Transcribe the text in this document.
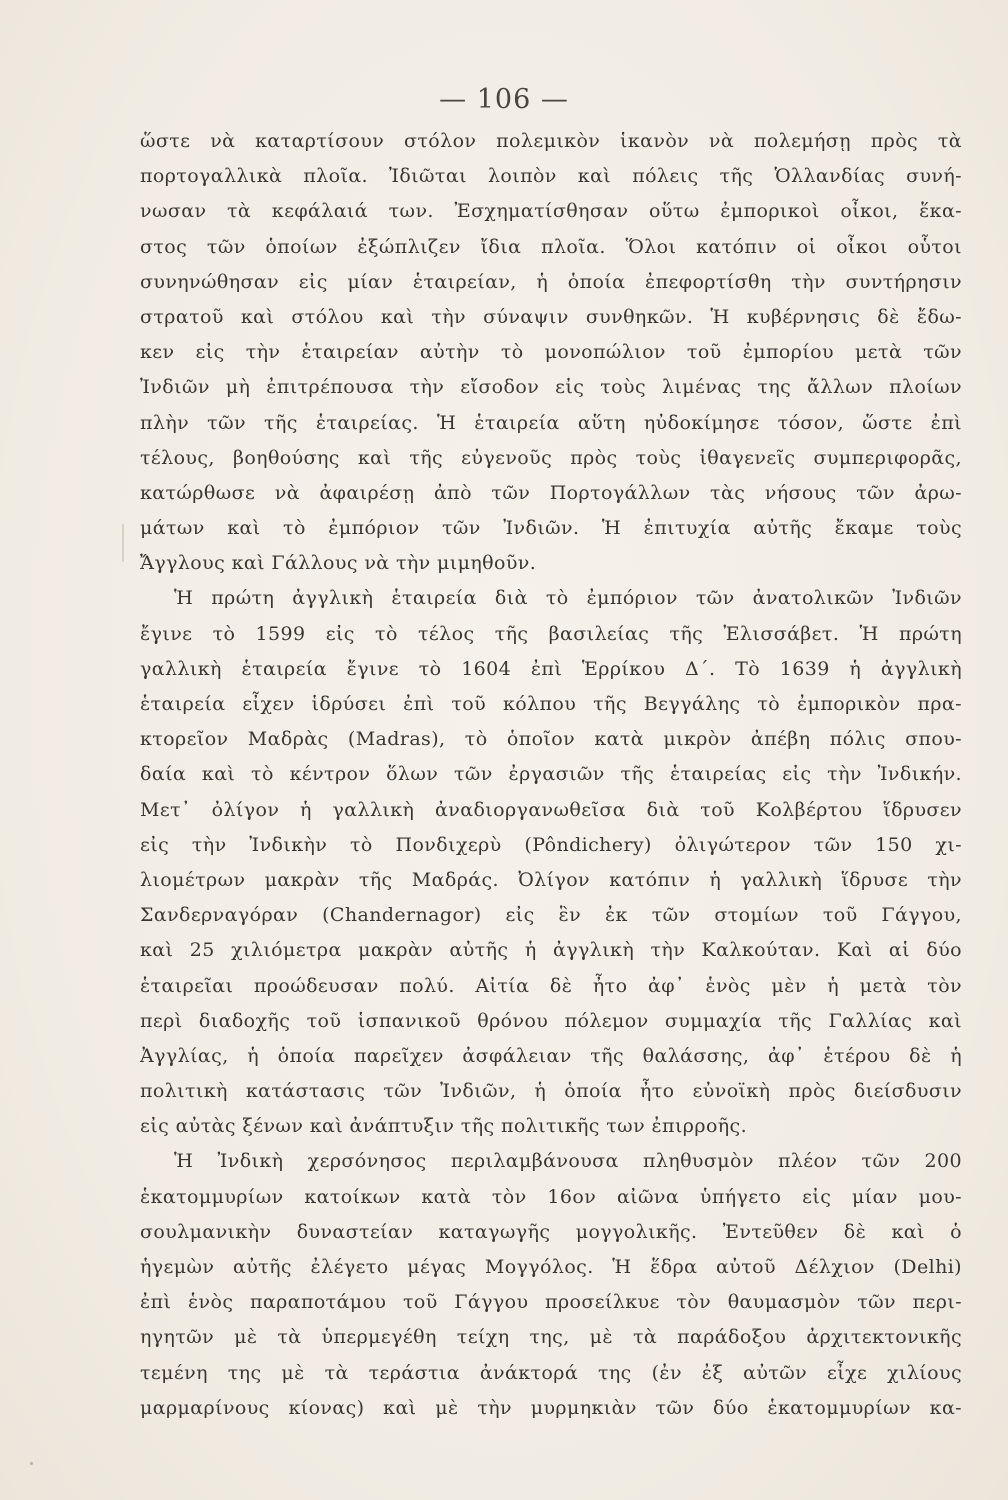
— 106 —
ὥστε νὰ καταρτίσουν στόλον πολεμικὸν ἱκανὸν νὰ πολεμήσῃ πρὸς τὰ
πορτογαλλικὰ πλοῖα. Ἰδιῶται λοιπὸν καὶ πόλεις τῆς Ὁλλανδίας συνή-
νωσαν τὰ κεφάλαιά των. Ἐσχηματίσθησαν οὕτω ἐμπορικοὶ οἶκοι, ἕκα-
στος τῶν ὁποίων ἐξώπλιζεν ἴδια πλοῖα. Ὅλοι κατόπιν οἱ οἶκοι οὗτοι
συνηνώθησαν εἰς μίαν ἑταιρείαν, ἡ ὁποία ἐπεφορτίσθη τὴν συντήρησιν
στρατοῦ καὶ στόλου καὶ τὴν σύναψιν συνθηκῶν. Ἡ κυβέρνησις δὲ ἔδω-
κεν εἰς τὴν ἑταιρείαν αὐτὴν τὸ μονοπώλιον τοῦ ἐμπορίου μετὰ τῶν
Ἰνδιῶν μὴ ἐπιτρέπουσα τὴν εἴσοδον εἰς τοὺς λιμένας της ἄλλων πλοίων
πλὴν τῶν τῆς ἑταιρείας. Ἡ ἑταιρεία αὕτη ηὐδοκίμησε τόσον, ὥστε ἐπὶ
τέλους, βοηθούσης καὶ τῆς εὐγενοῦς πρὸς τοὺς ἰθαγενεῖς συμπεριφορᾶς,
κατώρθωσε νὰ ἀφαιρέσῃ ἀπὸ τῶν Πορτογάλλων τὰς νήσους τῶν ἀρω-
μάτων καὶ τὸ ἐμπόριον τῶν Ἰνδιῶν. Ἡ ἐπιτυχία αὐτῆς ἔκαμε τοὺς
Ἄγγλους καὶ Γάλλους νὰ τὴν μιμηθοῦν.
Ἡ πρώτη ἀγγλικὴ ἑταιρεία διὰ τὸ ἐμπόριον τῶν ἀνατολικῶν Ἰνδιῶν
ἔγινε τὸ 1599 εἰς τὸ τέλος τῆς βασιλείας τῆς Ἐλισσάβετ. Ἡ πρώτη
γαλλικὴ ἑταιρεία ἔγινε τὸ 1604 ἐπὶ Ἑρρίκου Δ΄. Τὸ 1639 ἡ ἀγγλικὴ
ἑταιρεία εἶχεν ἱδρύσει ἐπὶ τοῦ κόλπου τῆς Βεγγάλης τὸ ἐμπορικὸν πρα-
κτορεῖον Μαδρὰς (Madras), τὸ ὁποῖον κατὰ μικρὸν ἀπέβη πόλις σπου-
δαία καὶ τὸ κέντρον ὅλων τῶν ἐργασιῶν τῆς ἑταιρείας εἰς τὴν Ἰνδικήν.
Μετ᾿ ὀλίγον ἡ γαλλικὴ ἀναδιοργανωθεῖσα διὰ τοῦ Κολβέρτου ἵδρυσεν
εἰς τὴν Ἰνδικὴν τὸ Πονδιχερὺ (Pôndichery) ὀλιγώτερον τῶν 150 χι-
λιομέτρων μακρὰν τῆς Μαδράς. Ὀλίγον κατόπιν ἡ γαλλικὴ ἵδρυσε τὴν
Σανδερναγόραν (Chandernagor) εἰς ἓν ἐκ τῶν στομίων τοῦ Γάγγου,
καὶ 25 χιλιόμετρα μακρὰν αὐτῆς ἡ ἀγγλικὴ τὴν Καλκούταν. Καὶ αἱ δύο
ἑταιρεῖαι προώδευσαν πολύ. Αἰτία δὲ ἦτο ἀφ᾿ ἑνὸς μὲν ἡ μετὰ τὸν
περὶ διαδοχῆς τοῦ ἱσπανικοῦ θρόνου πόλεμον συμμαχία τῆς Γαλλίας καὶ
Ἀγγλίας, ἡ ὁποία παρεῖχεν ἀσφάλειαν τῆς θαλάσσης, ἀφ᾿ ἑτέρου δὲ ἡ
πολιτικὴ κατάστασις τῶν Ἰνδιῶν, ἡ ὁποία ἦτο εὐνοϊκὴ πρὸς διείσδυσιν
εἰς αὐτὰς ξένων καὶ ἀνάπτυξιν τῆς πολιτικῆς των ἐπιρροῆς.
Ἡ Ἰνδικὴ χερσόνησος περιλαμβάνουσα πληθυσμὸν πλέον τῶν 200
ἑκατομμυρίων κατοίκων κατὰ τὸν 16ον αἰῶνα ὑπήγετο εἰς μίαν μου-
σουλμανικὴν δυναστείαν καταγωγῆς μογγολικῆς. Ἐντεῦθεν δὲ καὶ ὁ
ἡγεμὼν αὐτῆς ἐλέγετο μέγας Μογγόλος. Ἡ ἕδρα αὐτοῦ Δέλχιον (Delhi)
ἐπὶ ἑνὸς παραποτάμου τοῦ Γάγγου προσείλκυε τὸν θαυμασμὸν τῶν περι-
ηγητῶν μὲ τὰ ὑπερμεγέθη τείχη της, μὲ τὰ παράδοξου ἀρχιτεκτονικῆς
τεμένη της μὲ τὰ τεράστια ἀνάκτορά της (ἐν ἐξ αὐτῶν εἶχε χιλίους
μαρμαρίνους κίονας) καὶ μὲ τὴν μυρμηκιὰν τῶν δύο ἑκατομμυρίων κα-
